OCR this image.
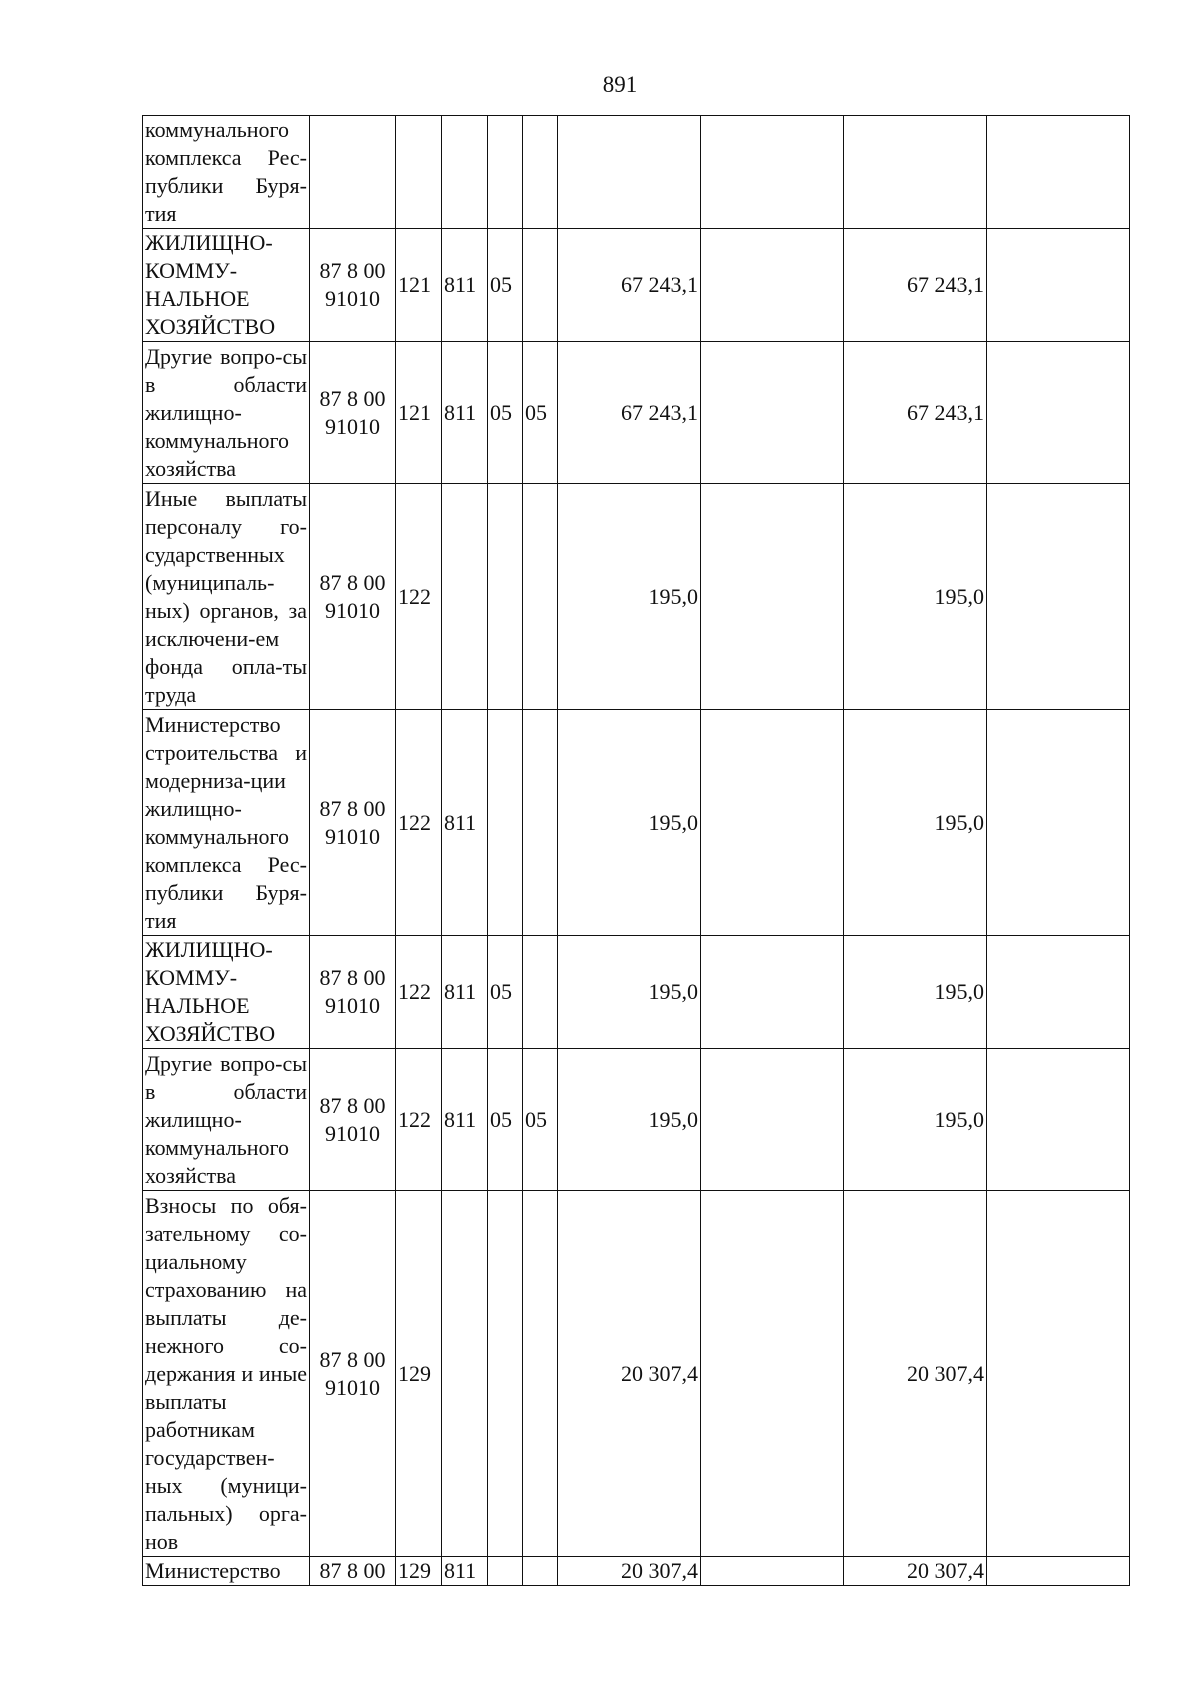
891
коммунального комплекса Рес-публики Буря-тия									
ЖИЛИЩНО-КОММУ-НАЛЬНОЕ ХОЗЯЙСТВО	87 8 00 91010	121	811	05		67 243,1		67 243,1	
Другие вопро-сы в области жилищно-коммунального хозяйства	87 8 00 91010	121	811	05	05	67 243,1		67 243,1	
Иные выплаты персоналу го-сударственных (муниципаль-ных) органов, за исключени-ем фонда опла-ты труда	87 8 00 91010	122				195,0		195,0	
Министерство строительства и модерниза-ции жилищно-коммунального комплекса Рес-публики Буря-тия	87 8 00 91010	122	811			195,0		195,0	
ЖИЛИЩНО-КОММУ-НАЛЬНОЕ ХОЗЯЙСТВО	87 8 00 91010	122	811	05		195,0		195,0	
Другие вопро-сы в области жилищно-коммунального хозяйства	87 8 00 91010	122	811	05	05	195,0		195,0	
Взносы по обя-зательному со-циальному страхованию на выплаты де-нежного со-держания и иные выплаты работникам государствен-ных (муници-пальных) орга-нов	87 8 00 91010	129				20 307,4		20 307,4	
Министерство	87 8 00	129	811			20 307,4		20 307,4	
